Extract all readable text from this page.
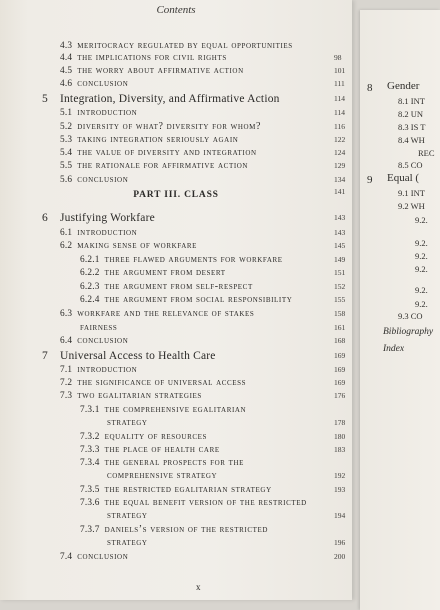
Contents
PART III. CLASS
x
4.3 meritocracy regulated by equal opportunities
4.4 the implications for civil rights	98
4.5 the worry about affirmative action	101
4.6 conclusion	111
5 Integration, Diversity, and Affirmative Action	114
5.1 introduction	114
5.2 diversity of what? diversity for whom?	116
5.3 taking integration seriously again	122
5.4 the value of diversity and integration	124
5.5 the rationale for affirmative action	129
5.6 conclusion	134
141
6 Justifying Workfare	143
6.1 introduction	143
6.2 making sense of workfare	145
6.2.1 three flawed arguments for workfare	149
6.2.2 the argument from desert	151
6.2.3 the argument from self-respect	152
6.2.4 the argument from social responsibility	155
6.3 workfare and the relevance of stakes	158
fairness	161
6.4 conclusion	168
7 Universal Access to Health Care	169
7.1 introduction	169
7.2 the significance of universal access	169
7.3 two egalitarian strategies	176
7.3.1 the comprehensive egalitarian
strategy	178
7.3.2 equality of resources	180
7.3.3 the place of health care	183
7.3.4 the general prospects for the
comprehensive strategy	192
7.3.5 the restricted egalitarian strategy	193
7.3.6 the equal benefit version of the restricted
strategy	194
7.3.7 daniels’s version of the restricted
strategy	196
7.4 conclusion	200
8 Gender
8.1 INT
8.2 UN
8.3 IS T
8.4 WH
REC
8.5 CO
9 Equal (
9.1 INT
9.2 WH
9.2.
9.2.
9.2.
9.2.
9.2.
9.2.
9.3 CO
Bibliography
Index
